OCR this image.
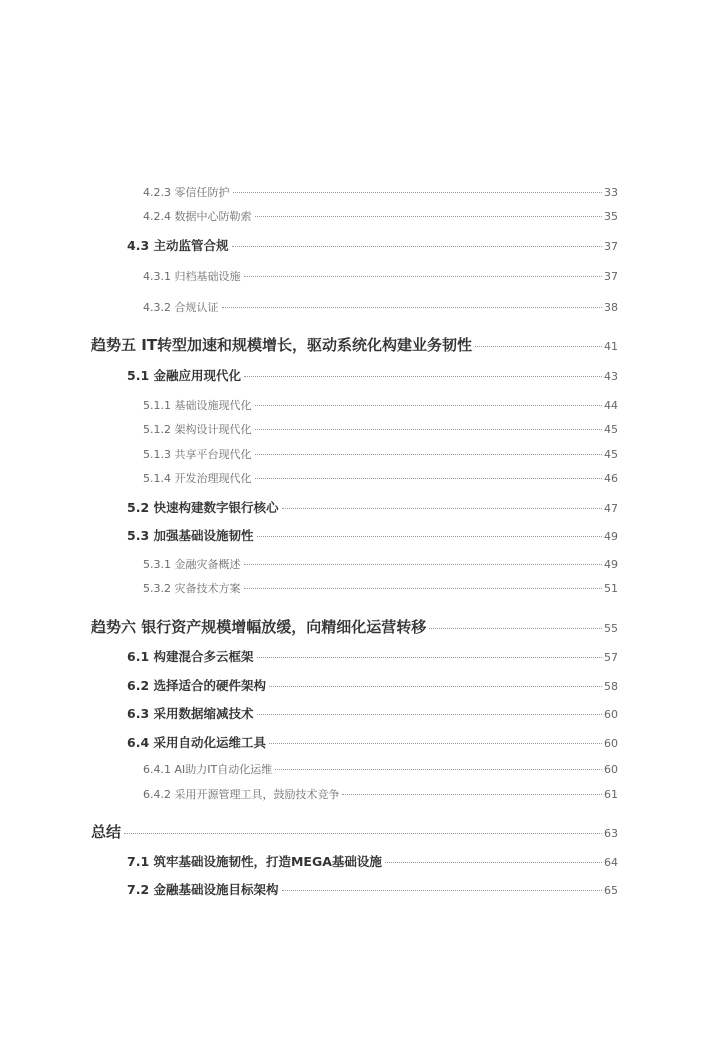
4.2.3 零信任防护	33
4.2.4 数据中心防勒索	35
4.3 主动监管合规	37
4.3.1 归档基础设施	37
4.3.2 合规认证	38
趋势五 IT转型加速和规模增长，驱动系统化构建业务韧性	41
5.1 金融应用现代化	43
5.1.1 基础设施现代化	44
5.1.2 架构设计现代化	45
5.1.3 共享平台现代化	45
5.1.4 开发治理现代化	46
5.2 快速构建数字银行核心	47
5.3 加强基础设施韧性	49
5.3.1 金融灾备概述	49
5.3.2 灾备技术方案	51
趋势六 银行资产规模增幅放缓，向精细化运营转移	55
6.1 构建混合多云框架	57
6.2 选择适合的硬件架构	58
6.3 采用数据缩减技术	60
6.4 采用自动化运维工具	60
6.4.1 AI助力IT自动化运维	60
6.4.2 采用开源管理工具，鼓励技术竞争	61
总结	63
7.1 筑牢基础设施韧性，打造MEGA基础设施	64
7.2 金融基础设施目标架构	65
